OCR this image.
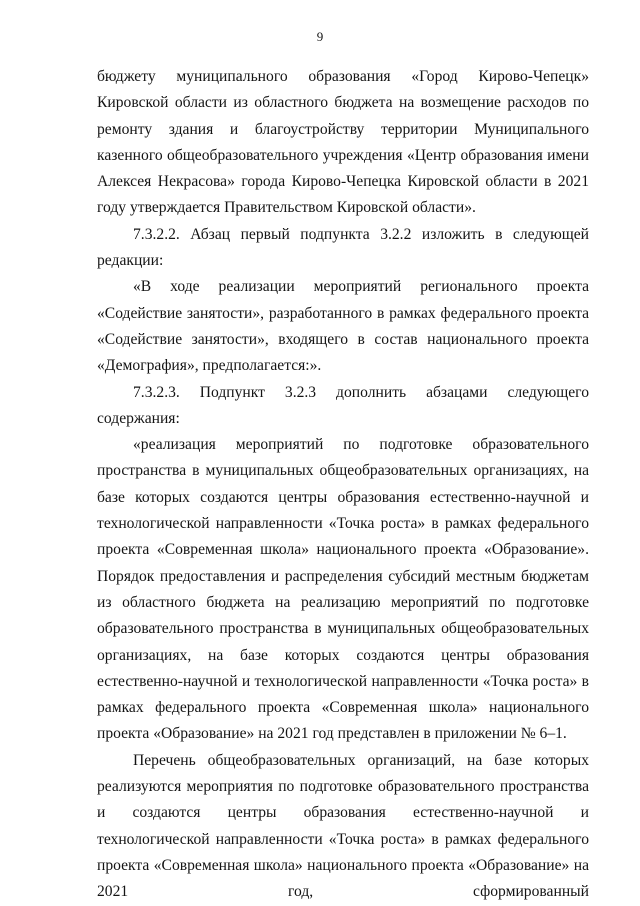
9

бюджету муниципального образования «Город Кирово-Чепецк» Кировской области из областного бюджета на возмещение расходов по ремонту здания и благоустройству территории Муниципального казенного общеобразовательного учреждения «Центр образования имени Алексея Некрасова» города Кирово-Чепецка Кировской области в 2021 году утверждается Правительством Кировской области».

7.3.2.2. Абзац первый подпункта 3.2.2 изложить в следующей редакции:

«В ходе реализации мероприятий регионального проекта «Содействие занятости», разработанного в рамках федерального проекта «Содействие занятости», входящего в состав национального проекта «Демография», предполагается:».

7.3.2.3. Подпункт 3.2.3 дополнить абзацами следующего содержания:

«реализация мероприятий по подготовке образовательного пространства в муниципальных общеобразовательных организациях, на базе которых создаются центры образования естественно-научной и технологической направленности «Точка роста» в рамках федерального проекта «Современная школа» национального проекта «Образование». Порядок предоставления и распределения субсидий местным бюджетам из областного бюджета на реализацию мероприятий по подготовке образовательного пространства в муниципальных общеобразовательных организациях, на базе которых создаются центры образования естественно-научной и технологической направленности «Точка роста» в рамках федерального проекта «Современная школа» национального проекта «Образование» на 2021 год представлен в приложении № 6–1.

Перечень общеобразовательных организаций, на базе которых реализуются мероприятия по подготовке образовательного пространства и создаются центры образования естественно-научной и технологической направленности «Точка роста» в рамках федерального проекта «Современная школа» национального проекта «Образование» на 2021 год, сформированный
